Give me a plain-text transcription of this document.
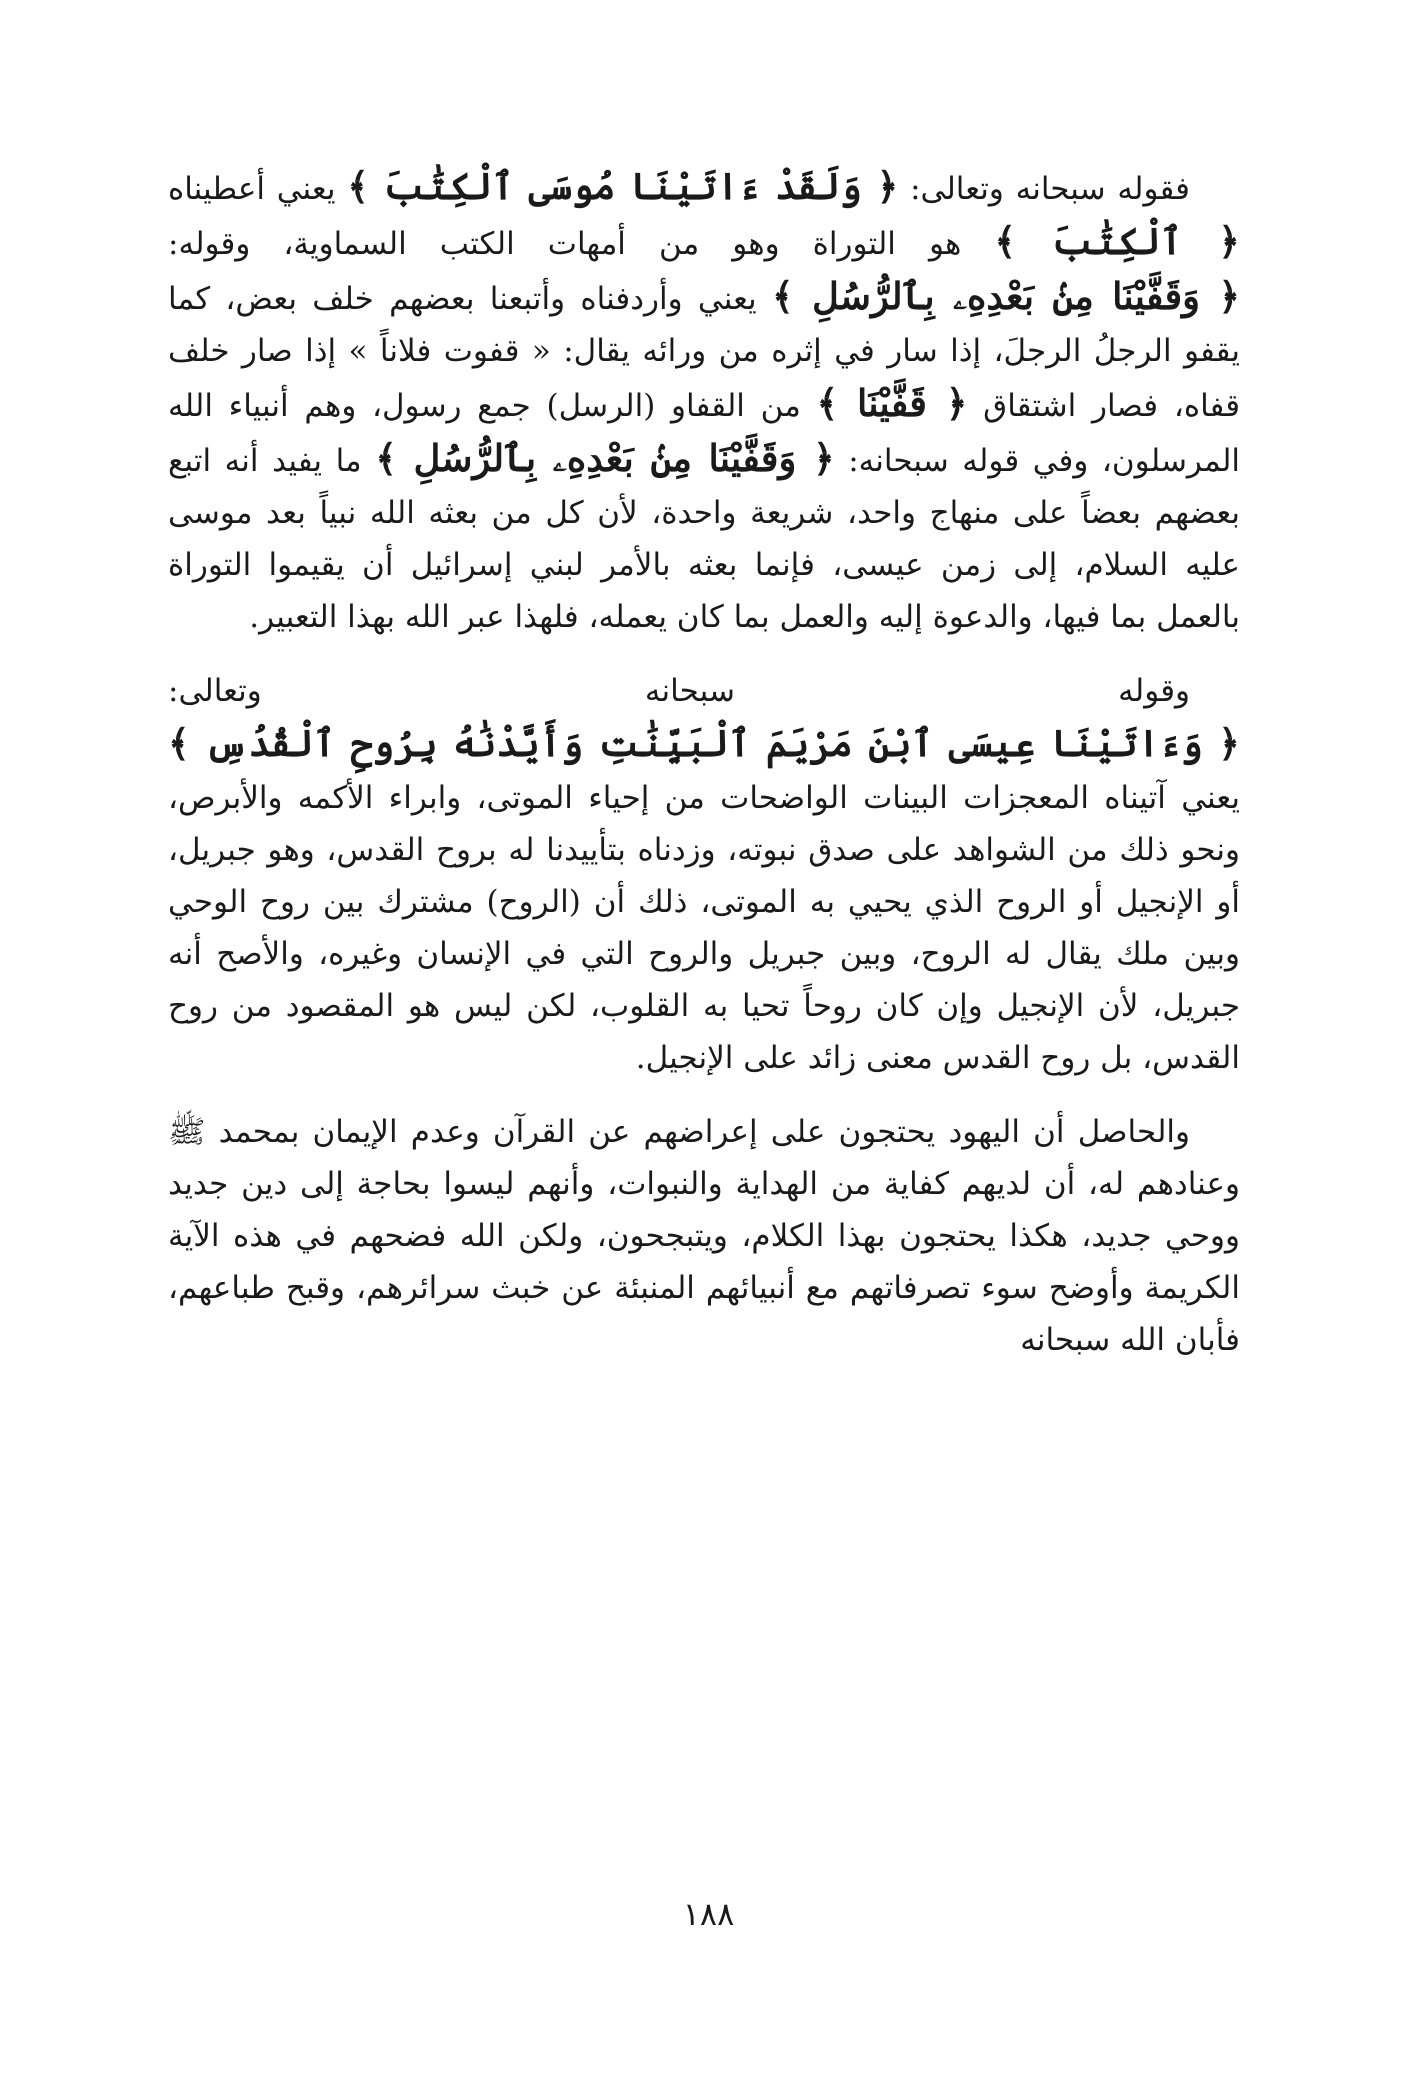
فقوله سبحانه وتعالى: ﴿ وَلَقَدْ ءَاتَيْنَا مُوسَى ٱلْكِتَٰبَ ﴾ يعني أعطيناه ﴿ ٱلْكِتَٰبَ ﴾ هو التوراة وهو من أمهات الكتب السماوية، وقوله: ﴿ وَقَفَّيْنَا مِنۢ بَعْدِهِۦ بِٱلرُّسُلِ ﴾ يعني وأردفناه وأتبعنا بعضهم خلف بعض، كما يقفو الرجلُ الرجلَ، إذا سار في إثره من ورائه يقال: « قفوت فلاناً » إذا صار خلف قفاه، فصار اشتقاق ﴿ قَفَّيْنَا ﴾ من القفاو (الرسل) جمع رسول، وهم أنبياء الله المرسلون، وفي قوله سبحانه: ﴿ وَقَفَّيْنَا مِنۢ بَعْدِهِۦ بِٱلرُّسُلِ ﴾ ما يفيد أنه اتبع بعضهم بعضاً على منهاج واحد، شريعة واحدة، لأن كل من بعثه الله نبياً بعد موسى عليه السلام، إلى زمن عيسى، فإنما بعثه بالأمر لبني إسرائيل أن يقيموا التوراة بالعمل بما فيها، والدعوة إليه والعمل بما كان يعمله، فلهذا عبر الله بهذا التعبير.

وقوله سبحانه وتعالى: ﴿ وَءَاتَيْنَا عِيسَى ٱبْنَ مَرْيَمَ ٱلْبَيِّنَٰتِ وَأَيَّدْنَٰهُ بِرُوحِ ٱلْقُدُسِ ﴾ يعني آتيناه المعجزات البينات الواضحات من إحياء الموتى، وابراء الأكمه والأبرص، ونحو ذلك من الشواهد على صدق نبوته، وزدناه بتأييدنا له بروح القدس، وهو جبريل، أو الإنجيل أو الروح الذي يحيي به الموتى، ذلك أن (الروح) مشترك بين روح الوحي وبين ملك يقال له الروح، وبين جبريل والروح التي في الإنسان وغيره، والأصح أنه جبريل، لأن الإنجيل وإن كان روحاً تحيا به القلوب، لكن ليس هو المقصود من روح القدس، بل روح القدس معنى زائد على الإنجيل.

والحاصل أن اليهود يحتجون على إعراضهم عن القرآن وعدم الإيمان بمحمد ﷺ وعنادهم له، أن لديهم كفاية من الهداية والنبوات، وأنهم ليسوا بحاجة إلى دين جديد ووحي جديد، هكذا يحتجون بهذا الكلام، ويتبجحون، ولكن الله فضحهم في هذه الآية الكريمة وأوضح سوء تصرفاتهم مع أنبيائهم المنبئة عن خبث سرائرهم، وقبح طباعهم، فأبان الله سبحانه

١٨٨
